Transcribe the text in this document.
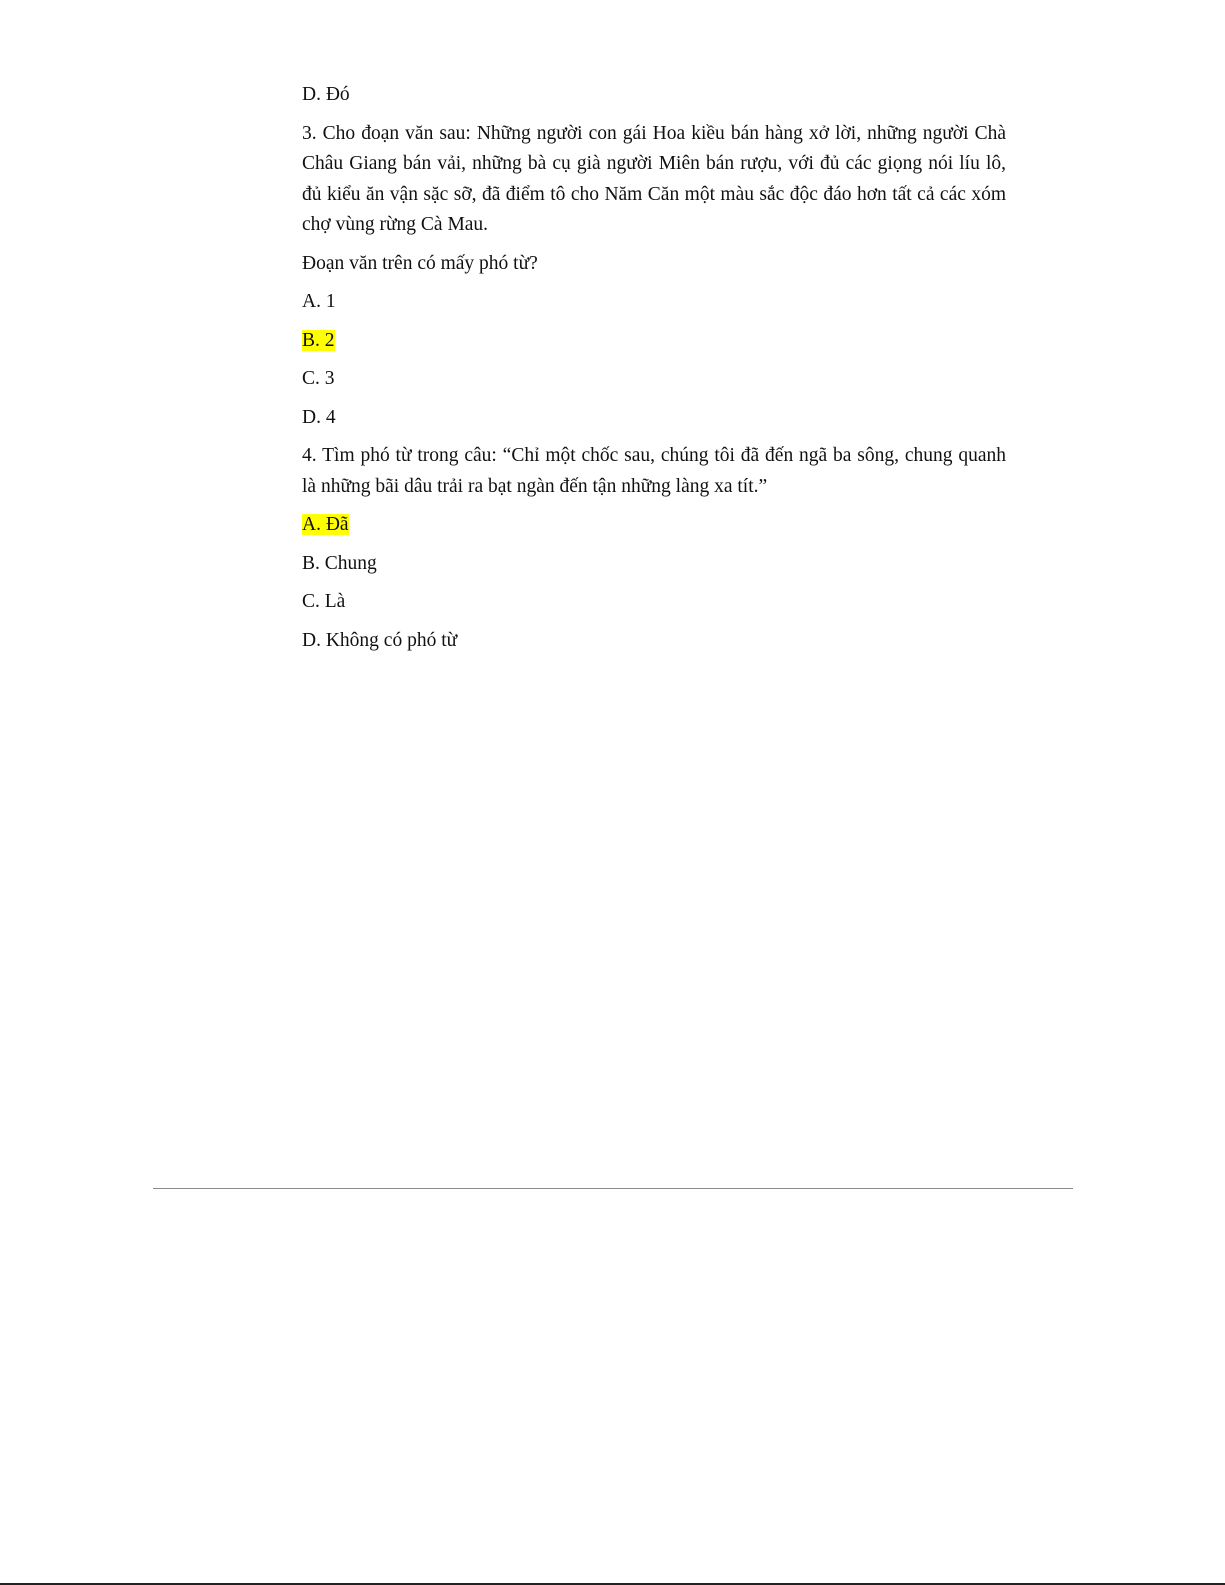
D. Đó

3. Cho đoạn văn sau: Những người con gái Hoa kiều bán hàng xở lời, những người Chà Châu Giang bán vải, những bà cụ già người Miên bán rượu, với đủ các giọng nói líu lô, đủ kiểu ăn vận sặc sỡ, đã điểm tô cho Năm Căn một màu sắc độc đáo hơn tất cả các xóm chợ vùng rừng Cà Mau.

Đoạn văn trên có mấy phó từ?

A. 1

B. 2

C. 3

D. 4

4. Tìm phó từ trong câu: “Chỉ một chốc sau, chúng tôi đã đến ngã ba sông, chung quanh là những bãi dâu trải ra bạt ngàn đến tận những làng xa tít.”

A. Đã

B. Chung

C. Là

D. Không có phó từ
